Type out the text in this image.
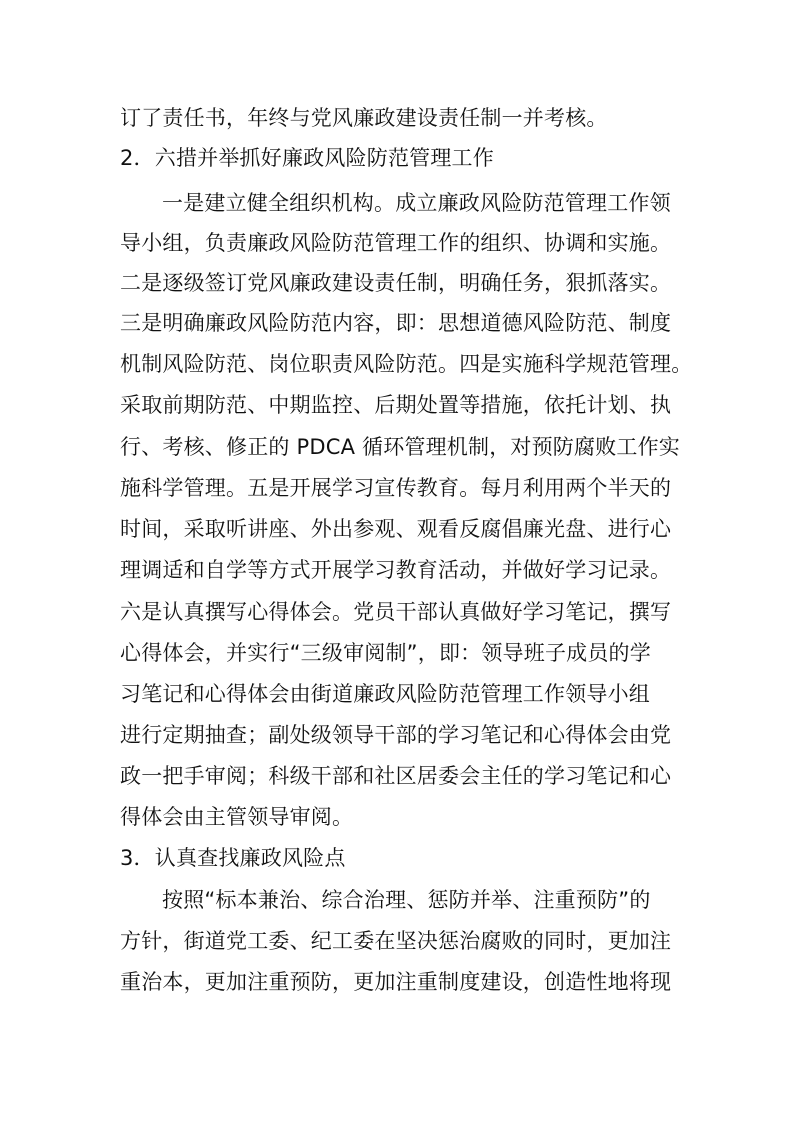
订了责任书，年终与党风廉政建设责任制一并考核。
2．六措并举抓好廉政风险防范管理工作
一是建立健全组织机构。成立廉政风险防范管理工作领
导小组，负责廉政风险防范管理工作的组织、协调和实施。
二是逐级签订党风廉政建设责任制，明确任务，狠抓落实。
三是明确廉政风险防范内容，即：思想道德风险防范、制度
机制风险防范、岗位职责风险防范。四是实施科学规范管理。
采取前期防范、中期监控、后期处置等措施，依托计划、执
行、考核、修正的 PDCA 循环管理机制，对预防腐败工作实
施科学管理。五是开展学习宣传教育。每月利用两个半天的
时间，采取听讲座、外出参观、观看反腐倡廉光盘、进行心
理调适和自学等方式开展学习教育活动，并做好学习记录。
六是认真撰写心得体会。党员干部认真做好学习笔记，撰写
心得体会，并实行“三级审阅制”，即：领导班子成员的学
习笔记和心得体会由街道廉政风险防范管理工作领导小组
进行定期抽查；副处级领导干部的学习笔记和心得体会由党
政一把手审阅；科级干部和社区居委会主任的学习笔记和心
得体会由主管领导审阅。
3．认真查找廉政风险点
按照“标本兼治、综合治理、惩防并举、注重预防”的
方针，街道党工委、纪工委在坚决惩治腐败的同时，更加注
重治本，更加注重预防，更加注重制度建设，创造性地将现
